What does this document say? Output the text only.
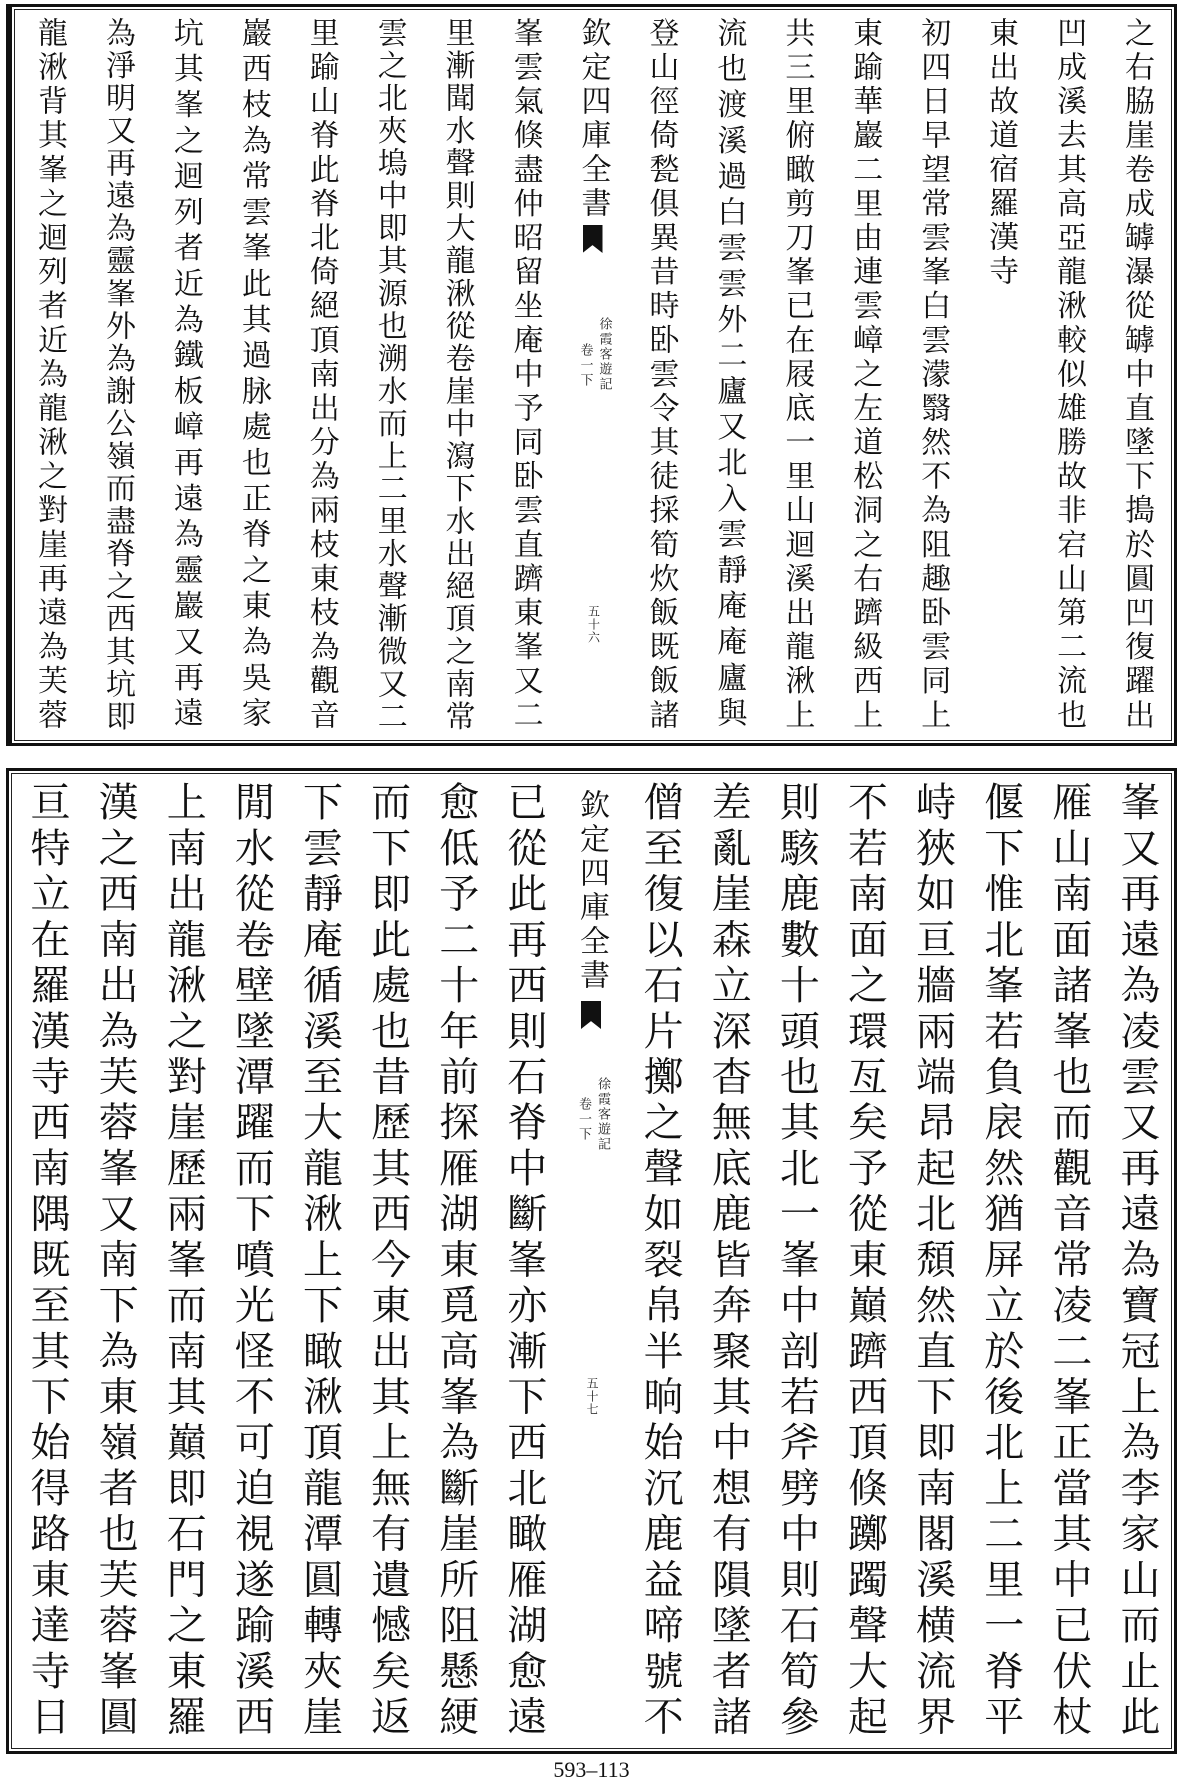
之右脇崖卷成罅瀑從罅中直墜下搗於圓凹復躍出
凹成溪去其高亞龍湫較似雄勝故非宕山第二流也
東出故道宿羅漢寺
初四日早望常雲峯白雲濛翳然不為阻趣卧雲同上
東踰華巖二里由連雲嶂之左道松洞之右躋級西上
共三里俯瞰剪刀峯已在屐底一里山迴溪出龍湫上
流也渡溪過白雲雲外二廬又北入雲靜庵庵廬與
登山徑倚甃俱異昔時卧雲令其徒採筍炊飯既飯諸
欽定四庫全書
徐霞客遊記
卷一下
五十六
峯雲氣倏盡仲昭留坐庵中予同卧雲直躋東峯又二
里漸聞水聲則大龍湫從卷崖中瀉下水出絕頂之南常
雲之北夾塢中即其源也溯水而上二里水聲漸微又二
里踰山脊此脊北倚絕頂南出分為兩枝東枝為觀音
巖西枝為常雲峯此其過脉處也正脊之東為吳家
坑其峯之迴列者近為鐵板嶂再遠為靈巖又再遠
為淨明又再遠為靈峯外為謝公嶺而盡脊之西其坑即
龍湫背其峯之迴列者近為龍湫之對崖再遠為芙蓉
峯又再遠為凌雲又再遠為寶冠上為李家山而止此
雁山南面諸峯也而觀音常凌二峯正當其中已伏杖
偃下惟北峯若負扆然猶屏立於後北上二里一脊平
峙狹如亘牆兩端昂起北頹然直下即南閣溪横流界
不若南面之環亙矣予從東巔躋西頂倏躑躅聲大起
則駭鹿數十頭也其北一峯中剖若斧劈中則石筍參
差亂崖森立深杳無底鹿皆奔聚其中想有隕墜者諸
僧至復以石片擲之聲如裂帛半晌始沉鹿益啼號不
欽定四庫全書
徐霞客遊記
卷一下
五十七
已從此再西則石脊中斷峯亦漸下西北瞰雁湖愈遠
愈低予二十年前探雁湖東覓高峯為斷崖所阻懸綆
而下即此處也昔歷其西今東出其上無有遺憾矣返
下雲靜庵循溪至大龍湫上下瞰湫頂龍潭圓轉夾崖
閒水從卷壁墜潭躍而下噴光怪不可迫視遂踰溪西
上南出龍湫之對崖歷兩峯而南其巔即石門之東羅
漢之西南出為芙蓉峯又南下為東嶺者也芙蓉峯圓
亘特立在羅漢寺西南隅既至其下始得路東達寺日
593–113
